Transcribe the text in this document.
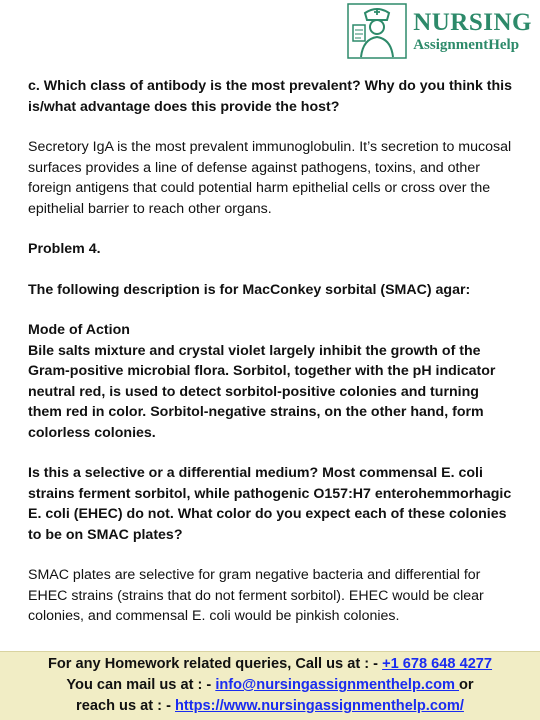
NURSING
AssignmentHelp

c. Which class of antibody is the most prevalent? Why do you think this is/what advantage does this provide the host?

Secretory IgA is the most prevalent immunoglobulin. It’s secretion to mucosal surfaces provides a line of defense against pathogens, toxins, and other foreign antigens that could potential harm epithelial cells or cross over the epithelial barrier to reach other organs.

Problem 4.

The following description is for MacConkey sorbital (SMAC) agar:

Mode of Action

Bile salts mixture and crystal violet largely inhibit the growth of the Gram-positive microbial flora. Sorbitol, together with the pH indicator neutral red, is used to detect sorbitol-positive colonies and turning them red in color. Sorbitol-negative strains, on the other hand, form colorless colonies.

Is this a selective or a differential medium? Most commensal E. coli strains ferment sorbitol, while pathogenic O157:H7 enterohemmorhagic E. coli (EHEC) do not. What color do you expect each of these colonies to be on SMAC plates?

SMAC plates are selective for gram negative bacteria and differential for EHEC strains (strains that do not ferment sorbitol). EHEC would be clear colonies, and commensal E. coli would be pinkish colonies.

For any Homework related queries, Call us at : - +1 678 648 4277
You can mail us at : - info@nursingassignmenthelp.com or
reach us at : - https://www.nursingassignmenthelp.com/
